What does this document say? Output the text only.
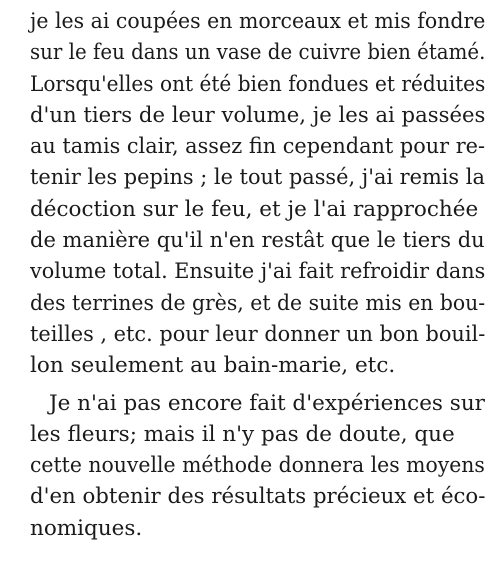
je les ai coupées en morceaux et mis fondre
sur le feu dans un vase de cuivre bien étamé.
Lorsqu'elles ont été bien fondues et réduites
d'un tiers de leur volume, je les ai passées
au tamis clair, assez fin cependant pour re-
tenir les pepins ; le tout passé, j'ai remis la
décoction sur le feu, et je l'ai rapprochée
de manière qu'il n'en restât que le tiers du
volume total. Ensuite j'ai fait refroidir dans
des terrines de grès, et de suite mis en bou-
teilles , etc. pour leur donner un bon bouil-
lon seulement au bain-marie, etc.
Je n'ai pas encore fait d'expériences sur
les fleurs; mais il n'y pas de doute, que
cette nouvelle méthode donnera les moyens
d'en obtenir des résultats précieux et éco-
nomiques.
